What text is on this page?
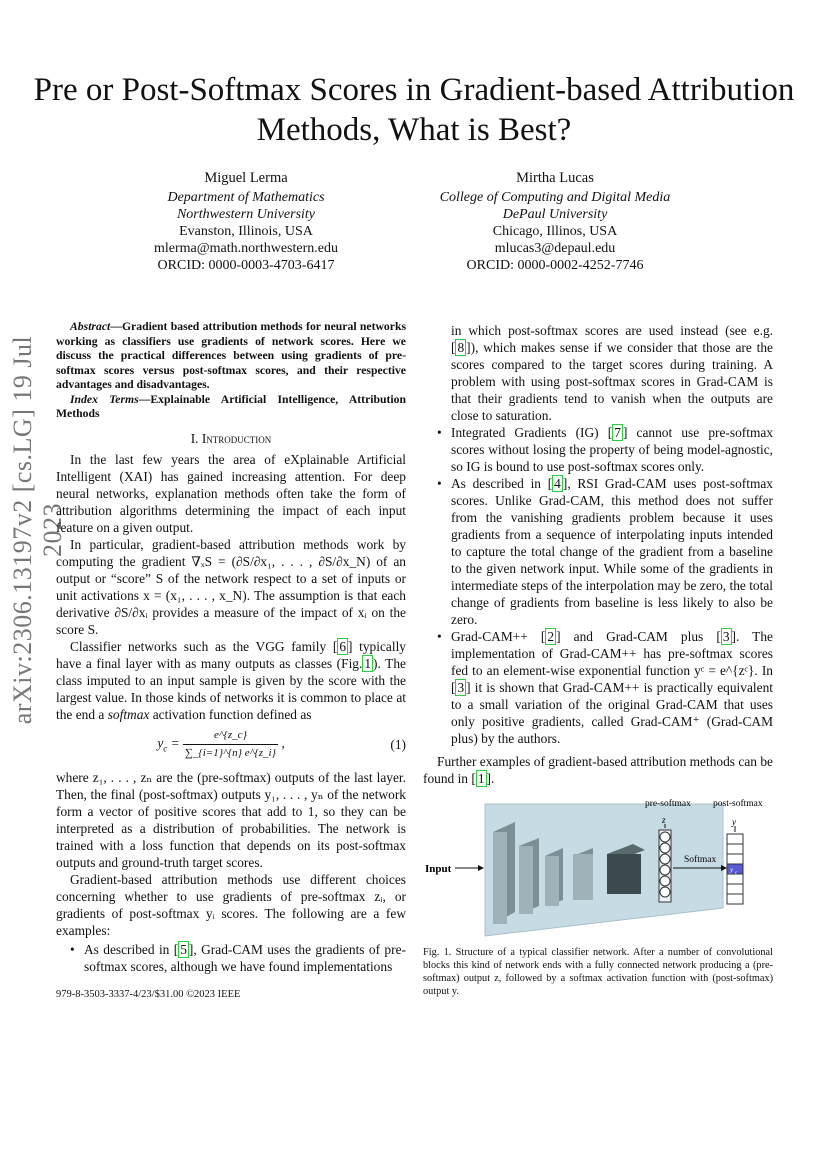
Pre or Post-Softmax Scores in Gradient-based Attribution Methods, What is Best?
arXiv:2306.13197v2 [cs.LG] 19 Jul 2023
Miguel Lerma
Department of Mathematics
Northwestern University
Evanston, Illinois, USA
mlerma@math.northwestern.edu
ORCID: 0000-0003-4703-6417
Mirtha Lucas
College of Computing and Digital Media
DePaul University
Chicago, Illinos, USA
mlucas3@depaul.edu
ORCID: 0000-0002-4252-7746

Abstract—Gradient based attribution methods for neural networks working as classifiers use gradients of network scores. Here we discuss the practical differences between using gradients of pre-softmax scores versus post-softmax scores, and their respective advantages and disadvantages.

Index Terms—Explainable Artificial Intelligence, Attribution Methods

I. Introduction

In the last few years the area of eXplainable Artificial Intelligent (XAI) has gained increasing attention. For deep neural networks, explanation methods often take the form of attribution algorithms determining the impact of each input feature on a given output.

In particular, gradient-based attribution methods work by computing the gradient ∇ₓS = (∂S/∂x₁, . . . , ∂S/∂x_N) of an output or “score” S of the network respect to a set of inputs or unit activations x = (x₁, . . . , x_N). The assumption is that each derivative ∂S/∂xᵢ provides a measure of the impact of xᵢ on the score S.

Classifier networks such as the VGG family [ 6 ] typically have a final layer with as many outputs as classes (Fig. 1 ). The class imputed to an input sample is given by the score with the largest value. In those kinds of networks it is common to place at the end a softmax activation function defined as

$y_c = \frac{e\^{}\{z\_c\}}{\sum\_\{i=1\}\^{}\{n\} e\^{}\{z\_i\}}$ ,	(1)

where z₁, . . . , zₙ are the (pre-softmax) outputs of the last layer. Then, the final (post-softmax) outputs y₁, . . . , yₙ of the network form a vector of positive scores that add to 1, so they can be interpreted as a distribution of probabilities. The network is trained with a loss function that depends on its post-softmax outputs and ground-truth target scores.

Gradient-based attribution methods use different choices concerning whether to use gradients of pre-softmax zᵢ, or gradients of post-softmax yᵢ scores. The following are a few examples:

• As described in [ 5 ], Grad-CAM uses the gradients of pre-softmax scores, although we have found implementations
979-8-3503-3337-4/23/$31.00 ©2023 IEEE
in which post-softmax scores are used instead (see e.g. [ 8 ]), which makes sense if we consider that those are the scores compared to the target scores during training. A problem with using post-softmax scores in Grad-CAM is that their gradients tend to vanish when the outputs are close to saturation.
• Integrated Gradients (IG) [ 7 ] cannot use pre-softmax scores without losing the property of being model-agnostic, so IG is bound to use post-softmax scores only.
• As described in [ 4 ], RSI Grad-CAM uses post-softmax scores. Unlike Grad-CAM, this method does not suffer from the vanishing gradients problem because it uses gradients from a sequence of interpolating inputs intended to capture the total change of the gradient from a baseline to the given network input. While some of the gradients in intermediate steps of the interpolation may be zero, the total change of gradients from baseline is less likely to also be zero.
• Grad-CAM++ [ 2 ] and Grad-CAM plus [ 3 ]. The implementation of Grad-CAM++ has pre-softmax scores fed to an element-wise exponential function yᶜ = e^{zᶜ}. In [ 3 ] it is shown that Grad-CAM++ is practically equivalent to a small variation of the original Grad-CAM that uses only positive gradients, called Grad-CAM⁺ (Grad-CAM plus) by the authors.

Further examples of gradient-based attribution methods can be found in [ 1 ].

Input
pre-softmax post-softmax
z	y
Softmax
y c
Fig. 1. Structure of a typical classifier network. After a number of convolutional blocks this kind of network ends with a fully connected network producing a (pre-softmax) output z, followed by a softmax activation function with (post-softmax) output y.
